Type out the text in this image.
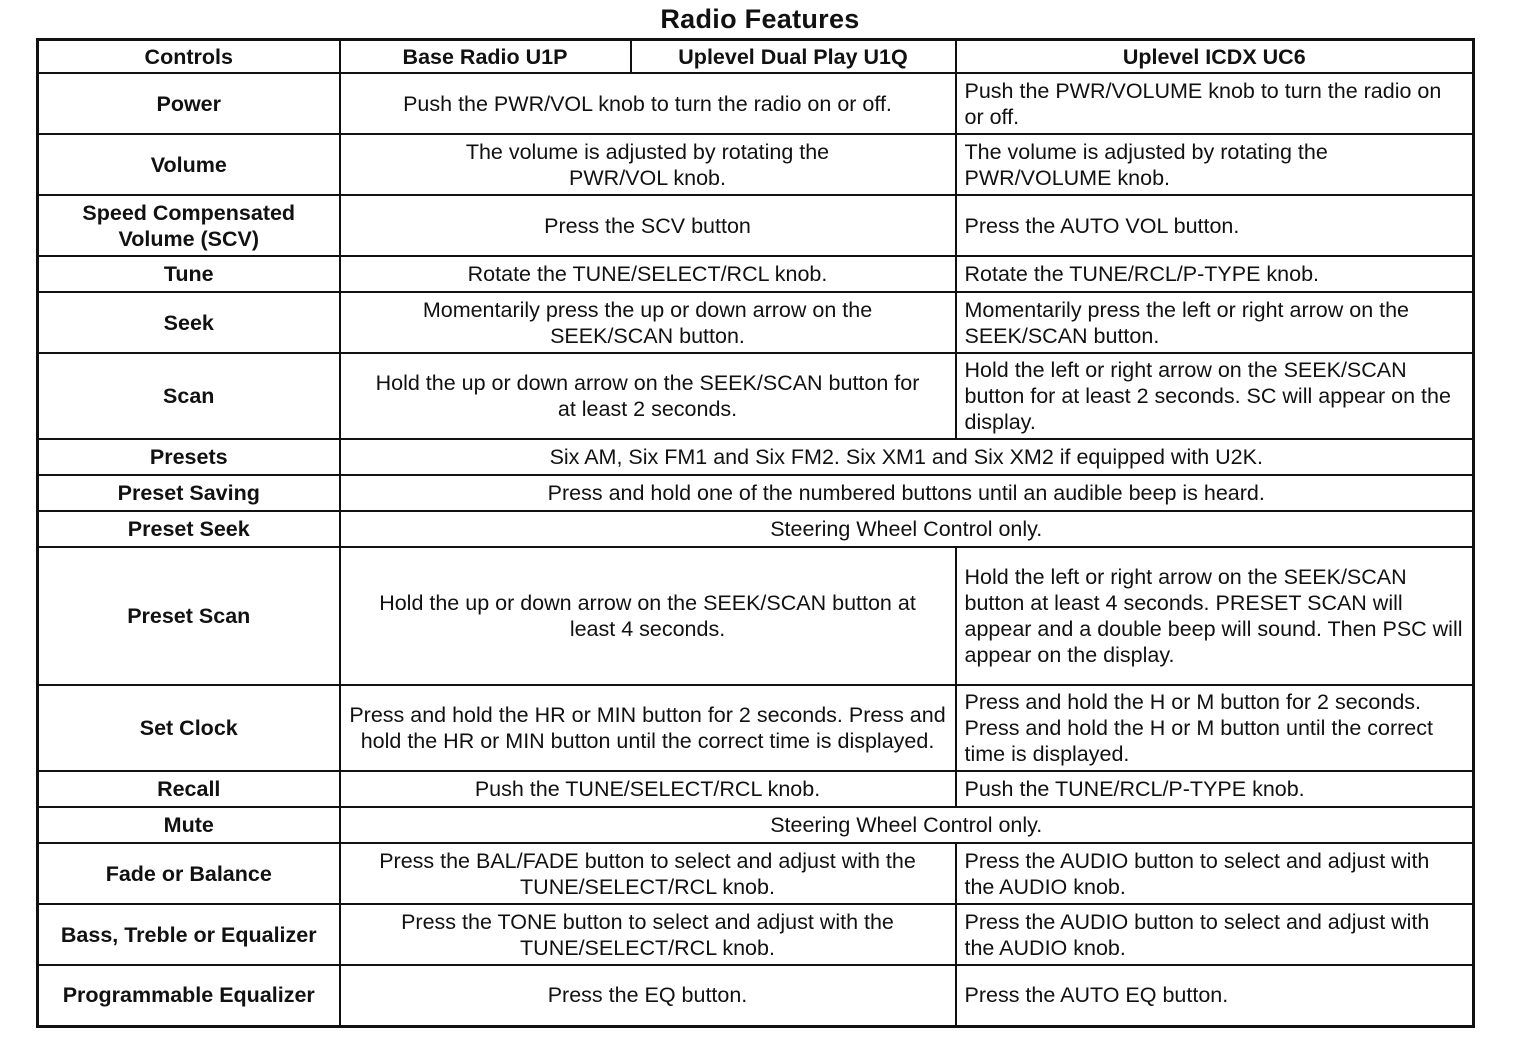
Radio Features
Controls	Base Radio U1P	Uplevel Dual Play U1Q	Uplevel ICDX UC6
Power	Push the PWR/VOL knob to turn the radio on or off.		Push the PWR/VOLUME knob to turn the radio on or off.
Volume	The volume is adjusted by rotating the PWR/VOL knob.		The volume is adjusted by rotating the PWR/VOLUME knob.
Speed Compensated Volume (SCV)	Press the SCV button		Press the AUTO VOL button.
Tune	Rotate the TUNE/SELECT/RCL knob.		Rotate the TUNE/RCL/P-TYPE knob.
Seek	Momentarily press the up or down arrow on the SEEK/SCAN button.		Momentarily press the left or right arrow on the SEEK/SCAN button.
Scan	Hold the up or down arrow on the SEEK/SCAN button for at least 2 seconds.		Hold the left or right arrow on the SEEK/SCAN button for at least 2 seconds. SC will appear on the display.
Presets	Six AM, Six FM1 and Six FM2. Six XM1 and Six XM2 if equipped with U2K.		
Preset Saving	Press and hold one of the numbered buttons until an audible beep is heard.		
Preset Seek	Steering Wheel Control only.		
Preset Scan	Hold the up or down arrow on the SEEK/SCAN button at least 4 seconds.		Hold the left or right arrow on the SEEK/SCAN button at least 4 seconds. PRESET SCAN will appear and a double beep will sound. Then PSC will appear on the display.
Set Clock	Press and hold the HR or MIN button for 2 seconds. Press and hold the HR or MIN button until the correct time is displayed.		Press and hold the H or M button for 2 seconds. Press and hold the H or M button until the correct time is displayed.
Recall	Push the TUNE/SELECT/RCL knob.		Push the TUNE/RCL/P-TYPE knob.
Mute	Steering Wheel Control only.		
Fade or Balance	Press the BAL/FADE button to select and adjust with the TUNE/SELECT/RCL knob.		Press the AUDIO button to select and adjust with the AUDIO knob.
Bass, Treble or Equalizer	Press the TONE button to select and adjust with the TUNE/SELECT/RCL knob.		Press the AUDIO button to select and adjust with the AUDIO knob.
Programmable Equalizer	Press the EQ button.		Press the AUTO EQ button.
